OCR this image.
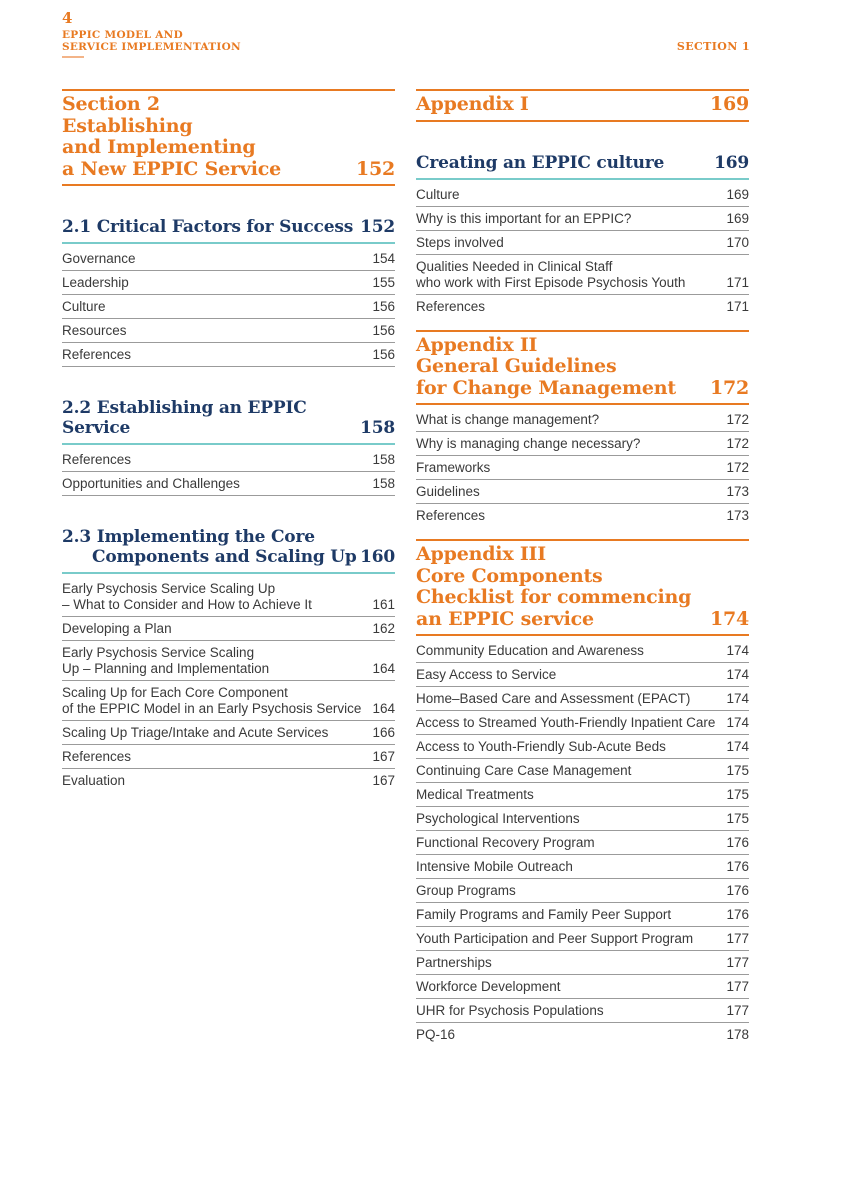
4
EPPIC MODEL AND
SERVICE IMPLEMENTATION	SECTION 1
Section 2
Establishing
and Implementing
a New EPPIC Service	152
2.1 Critical Factors for Success 152
Governance	154
Leadership	155
Culture	156
Resources	156
References	156
2.2 Establishing an EPPIC Service	158
References	158
Opportunities and Challenges	158
2.3 Implementing the Core
Components and Scaling Up 160
Early Psychosis Service Scaling Up
– What to Consider and How to Achieve It	161
Developing a Plan	162
Early Psychosis Service Scaling
Up – Planning and Implementation	164
Scaling Up for Each Core Component
of the EPPIC Model in an Early Psychosis Service 164
Scaling Up Triage/Intake and Acute Services	166
References	167
Evaluation	167
Appendix I	169
Creating an EPPIC culture	169
Culture	169
Why is this important for an EPPIC?	169
Steps involved	170
Qualities Needed in Clinical Staff
who work with First Episode Psychosis Youth	171
References	171
Appendix II
General Guidelines
for Change Management 172
What is change management?	172
Why is managing change necessary?	172
Frameworks	172
Guidelines	173
References	173
Appendix III
Core Components
Checklist for commencing
an EPPIC service	174
Community Education and Awareness	174
Easy Access to Service	174
Home–Based Care and Assessment (EPACT)	174
Access to Streamed Youth-Friendly Inpatient Care 174
Access to Youth-Friendly Sub-Acute Beds	174
Continuing Care Case Management	175
Medical Treatments	175
Psychological Interventions	175
Functional Recovery Program	176
Intensive Mobile Outreach	176
Group Programs	176
Family Programs and Family Peer Support	176
Youth Participation and Peer Support Program	177
Partnerships	177
Workforce Development	177
UHR for Psychosis Populations	177
PQ-16	178
